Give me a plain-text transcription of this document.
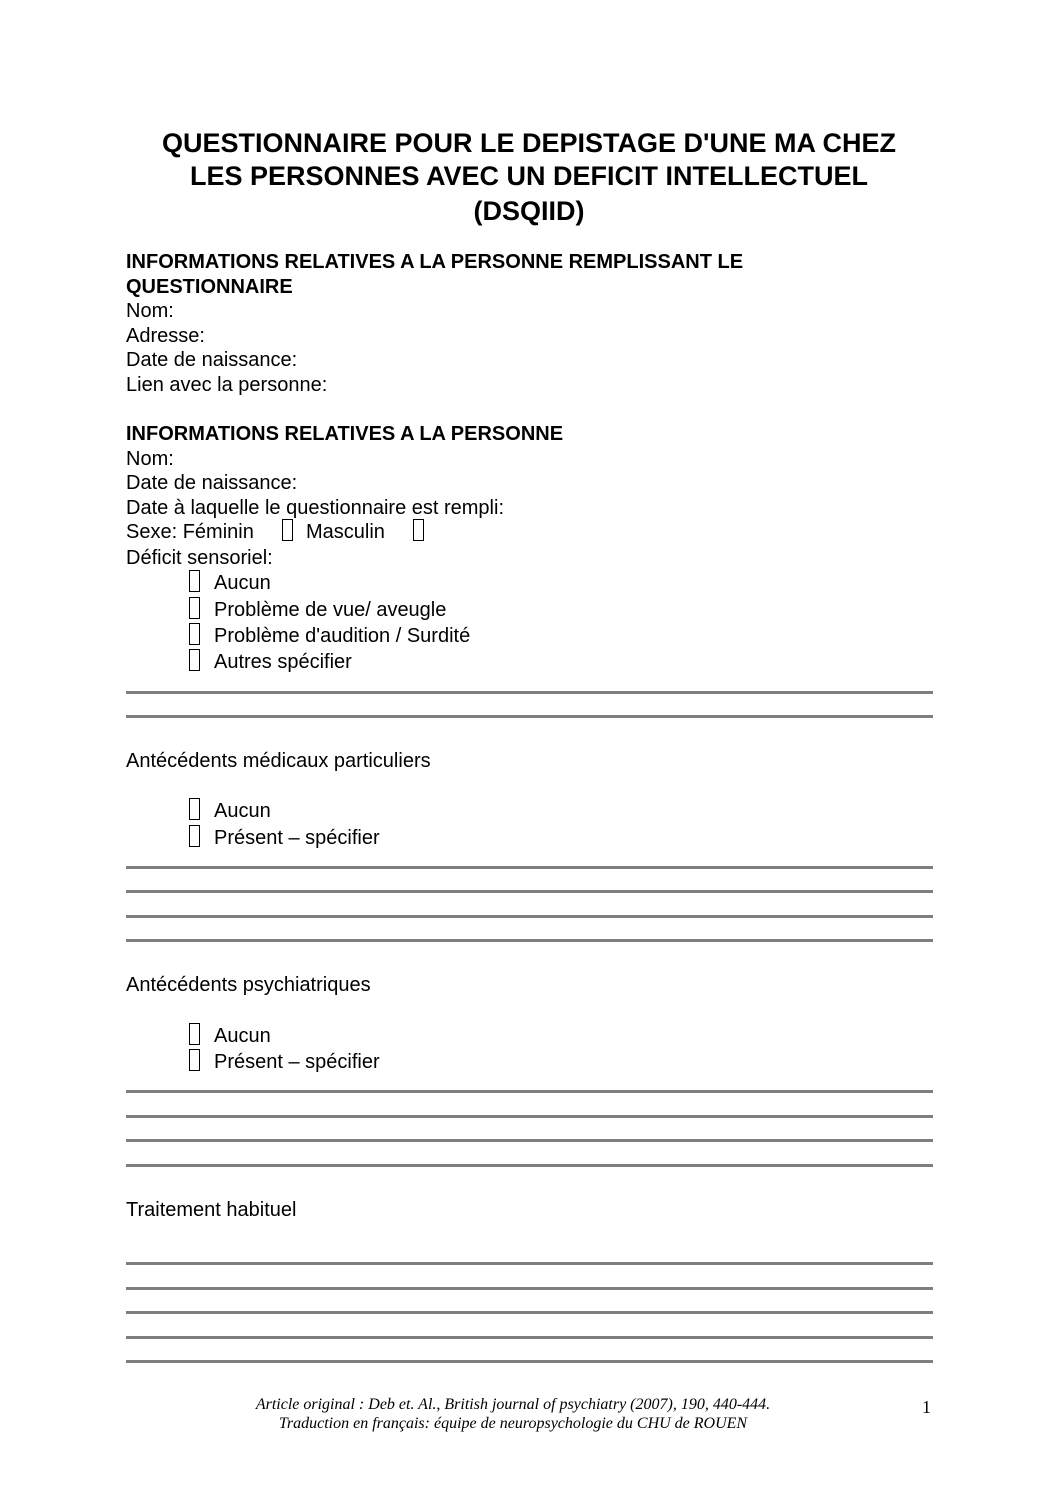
QUESTIONNAIRE POUR LE DEPISTAGE D'UNE MA CHEZ
LES PERSONNES AVEC UN DEFICIT INTELLECTUEL
(DSQIID)
INFORMATIONS RELATIVES A LA PERSONNE REMPLISSANT LE
QUESTIONNAIRE
Nom:
Adresse:
Date de naissance:
Lien avec la personne:
INFORMATIONS RELATIVES A LA PERSONNE
Nom:
Date de naissance:
Date à laquelle le questionnaire est rempli:
Sexe: Féminin	Masculin
Déficit sensoriel:
Aucun
Problème de vue/ aveugle
Problème d'audition / Surdité
Autres spécifier
Antécédents médicaux particuliers
Aucun
Présent – spécifier
Antécédents psychiatriques
Aucun
Présent – spécifier
Traitement habituel
Article original : Deb et. Al., British journal of psychiatry (2007), 190, 440-444.
Traduction en français: équipe de neuropsychologie du CHU de ROUEN
1
